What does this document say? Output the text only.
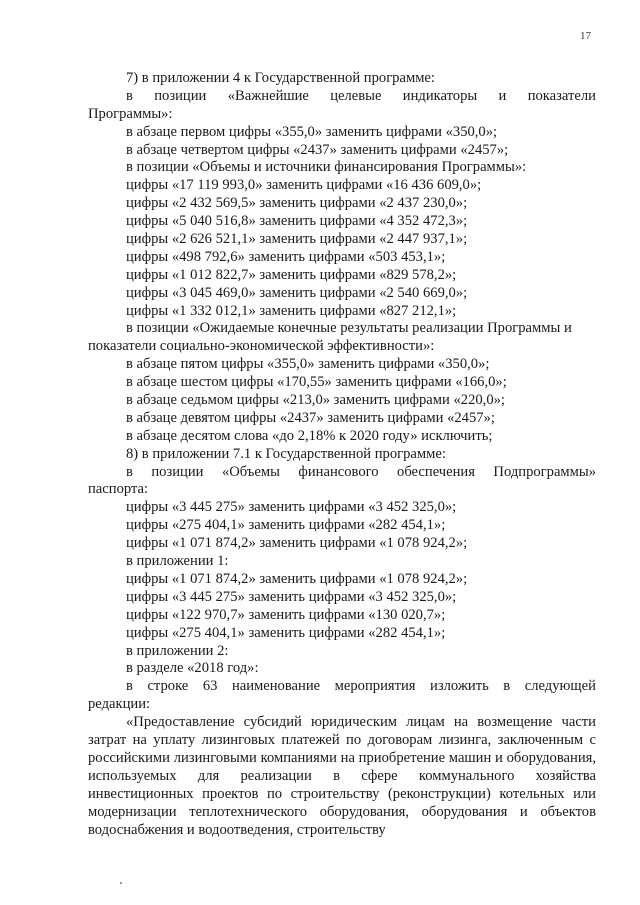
17
7) в приложении 4 к Государственной программе:
в позиции «Важнейшие целевые индикаторы и показатели
Программы»:
в абзаце первом цифры «355,0» заменить цифрами «350,0»;
в абзаце четвертом цифры «2437» заменить цифрами «2457»;
в позиции «Объемы и источники финансирования Программы»:
цифры «17 119 993,0» заменить цифрами «16 436 609,0»;
цифры «2 432 569,5» заменить цифрами «2 437 230,0»;
цифры «5 040 516,8» заменить цифрами «4 352 472,3»;
цифры «2 626 521,1» заменить цифрами «2 447 937,1»;
цифры «498 792,6» заменить цифрами «503 453,1»;
цифры «1 012 822,7» заменить цифрами «829 578,2»;
цифры «3 045 469,0» заменить цифрами «2 540 669,0»;
цифры «1 332 012,1» заменить цифрами «827 212,1»;
в позиции «Ожидаемые конечные результаты реализации Программы и
показатели социально-экономической эффективности»:
в абзаце пятом цифры «355,0» заменить цифрами «350,0»;
в абзаце шестом цифры «170,55» заменить цифрами «166,0»;
в абзаце седьмом цифры «213,0» заменить цифрами «220,0»;
в абзаце девятом цифры «2437» заменить цифрами «2457»;
в абзаце десятом слова «до 2,18% к 2020 году» исключить;
8) в приложении 7.1 к Государственной программе:
в позиции «Объемы финансового обеспечения Подпрограммы»
паспорта:
цифры «3 445 275» заменить цифрами «3 452 325,0»;
цифры «275 404,1» заменить цифрами «282 454,1»;
цифры «1 071 874,2» заменить цифрами «1 078 924,2»;
в приложении 1:
цифры «1 071 874,2» заменить цифрами «1 078 924,2»;
цифры «3 445 275» заменить цифрами «3 452 325,0»;
цифры «122 970,7» заменить цифрами «130 020,7»;
цифры «275 404,1» заменить цифрами «282 454,1»;
в приложении 2:
в разделе «2018 год»:
в строке 63 наименование мероприятия изложить в следующей
редакции:

«Предоставление субсидий юридическим лицам на возмещение части затрат на уплату лизинговых платежей по договорам лизинга, заключенным с российскими лизинговыми компаниями на приобретение машин и оборудования, используемых для реализации в сфере коммунального хозяйства инвестиционных проектов по строительству (реконструкции) котельных или модернизации теплотехнического оборудования, оборудования и объектов водоснабжения и водоотведения, строительству
